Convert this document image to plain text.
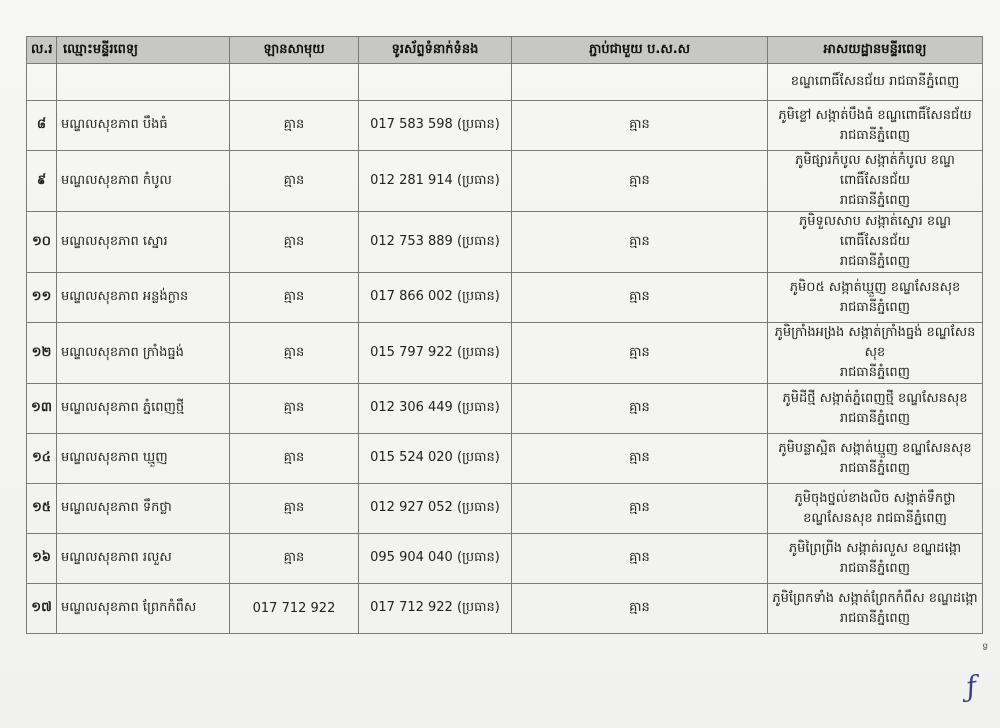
ល.រ	ឈ្មោះមន្ទីរពេទ្យ	ឡានសាមុយ	ទូរស័ព្ទទំនាក់ទំនង	ភ្ជាប់ជាមួយ ប.ស.ស	អាសយដ្ឋានមន្ទីរពេទ្យ

					ខណ្ឌពោធិ៍សែនជ័យ រាជធានីភ្នំពេញ

៨	មណ្ឌលសុខភាព បឹងធំ	គ្មាន	017 583 598 (ប្រធាន)	គ្មាន	ភូមិខ្លៅ សង្កាត់បឹងធំ ខណ្ឌពោធិ៍សែនជ័យ
រាជធានីភ្នំពេញ

៩	មណ្ឌលសុខភាព កំបូល	គ្មាន	012 281 914 (ប្រធាន)	គ្មាន	ភូមិផ្សារកំបូល សង្កាត់កំបូល ខណ្ឌពោធិ៍សែនជ័យ
រាជធានីភ្នំពេញ

១០	មណ្ឌលសុខភាព ស្នោរ	គ្មាន	012 753 889 (ប្រធាន)	គ្មាន	ភូមិទួលសាប សង្កាត់ស្នោរ ខណ្ឌពោធិ៍សែនជ័យ
រាជធានីភ្នំពេញ

១១	មណ្ឌលសុខភាព អន្លង់ក្ងាន	គ្មាន	017 866 002 (ប្រធាន)	គ្មាន	ភូមិ០៥ សង្កាត់ឃ្មួញ ខណ្ឌសែនសុខ
រាជធានីភ្នំពេញ

១២	មណ្ឌលសុខភាព ក្រាំងធ្នង់	គ្មាន	015 797 922 (ប្រធាន)	គ្មាន	ភូមិក្រាំងអង្រង សង្កាត់ក្រាំងធ្នង់ ខណ្ឌសែនសុខ
រាជធានីភ្នំពេញ

១៣	មណ្ឌលសុខភាព ភ្នំពេញថ្មី	គ្មាន	012 306 449 (ប្រធាន)	គ្មាន	ភូមិដីថ្មី សង្កាត់ភ្នំពេញថ្មី ខណ្ឌសែនសុខ
រាជធានីភ្នំពេញ

១៤	មណ្ឌលសុខភាព ឃ្មួញ	គ្មាន	015 524 020 (ប្រធាន)	គ្មាន	ភូមិបន្លាស្អិត សង្កាត់ឃ្មួញ ខណ្ឌសែនសុខ
រាជធានីភ្នំពេញ

១៥	មណ្ឌលសុខភាព ទឹកថ្លា	គ្មាន	012 927 052 (ប្រធាន)	គ្មាន	ភូមិចុងថ្នល់ខាងលិច សង្កាត់ទឹកថ្លា
ខណ្ឌសែនសុខ រាជធានីភ្នំពេញ

១៦	មណ្ឌលសុខភាព រលួស	គ្មាន	095 904 040 (ប្រធាន)	គ្មាន	ភូមិព្រៃព្រីង សង្កាត់រលួស ខណ្ឌដង្កោ
រាជធានីភ្នំពេញ

១៧	មណ្ឌលសុខភាព ព្រែកកំពឹស	017 712 922	017 712 922 (ប្រធាន)	គ្មាន	ភូមិព្រែកទាំង សង្កាត់ព្រែកកំពឹស ខណ្ឌដង្កោ
រាជធានីភ្នំពេញ
ទ
ƒ
